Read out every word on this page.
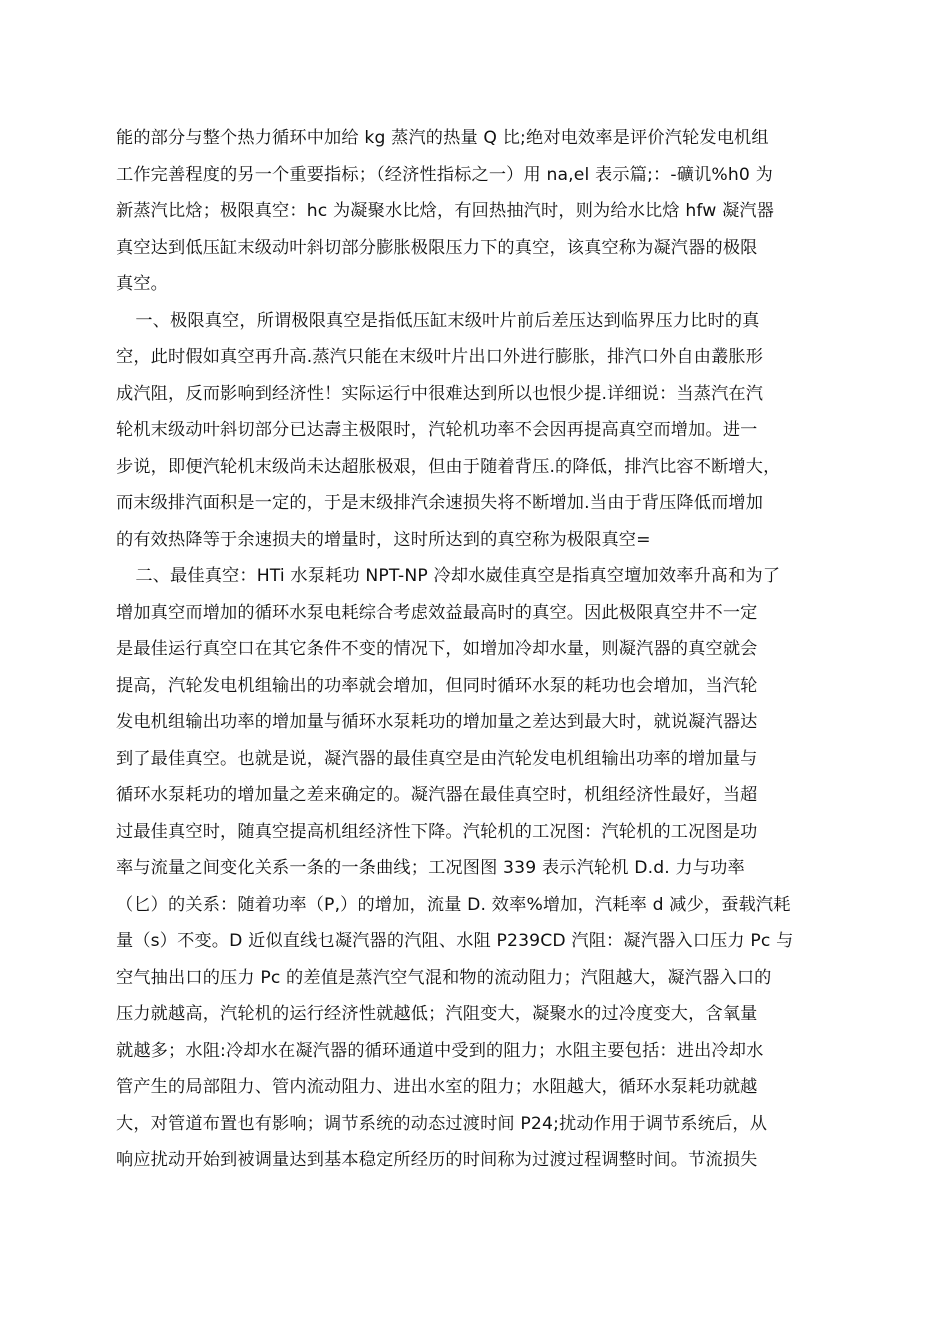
能的部分与整个热力循环中加给 kg 蒸汽的热量 Q 比;绝对电效率是评价汽轮发电机组
工作完善程度的另一个重要指标；（经济性指标之一）用 na,el 表示篇;：-礦讥%h0 为
新蒸汽比焓；极限真空：hc 为凝聚水比焓，有回热抽汽时，则为给水比焓 hfw 凝汽器
真空达到低压缸末级动叶斜切部分膨胀极限压力下的真空，该真空称为凝汽器的极限
真空。
　一、极限真空，所谓极限真空是指低压缸末级叶片前后差压达到临界压力比时的真
空，此时假如真空再升高.蒸汽只能在末级叶片出口外进行膨胀，排汽口外自由叢胀形
成汽阻，反而影响到经济性！实际运行中很难达到所以也恨少提.详细说：当蒸汽在汽
轮机末级动叶斜切部分已达壽主极限时，汽轮机功率不会因再提高真空而增加。进一
步说，即便汽轮机末级尚未达超胀极艰，但由于随着背压.的降低，排汽比容不断增大，
而末级排汽面积是一定的，于是末级排汽余速损失将不断增加.当由于背压降低而增加
的有效热降等于余速损夫的增量时，这时所达到的真空称为极限真空=
　二、最佳真空：HTi 水泵耗功 NPT-NP 冷却水崴佳真空是指真空壇加效率升髙和为了
增加真空而增加的循环水泵电耗综合考虑效益最高时的真空。因此极限真空井不一定
是最佳运行真空口在其它条件不变的情况下，如增加冷却水量，则凝汽器的真空就会
提高，汽轮发电机组输出的功率就会增加，但同时循环水泵的耗功也会增加，当汽轮
发电机组输出功率的增加量与循环水泵耗功的增加量之差达到最大时，就说凝汽器达
到了最佳真空。也就是说，凝汽器的最佳真空是由汽轮发电机组输出功率的增加量与
循环水泵耗功的增加量之差来确定的。凝汽器在最佳真空时，机组经济性最好，当超
过最佳真空时，随真空提高机组经济性下降。汽轮机的工况图：汽轮机的工况图是功
率与流量之间变化关系一条的一条曲线；工况图图 339 表示汽轮机 D.d. 力与功率
（匕）的关系：随着功率（P,）的增加，流量 D. 效率%增加，汽耗率 d 减少，蚕载汽耗
量（s）不变。D 近似直线乜凝汽器的汽阻、水阻 P239CD 汽阻：凝汽器入口压力 Pc 与
空气抽出口的压力 Pc 的差值是蒸汽空气混和物的流动阻力；汽阻越大，凝汽器入口的
压力就越高，汽轮机的运行经济性就越低；汽阻变大，凝聚水的过冷度变大，含氧量
就越多；水阻:冷却水在凝汽器的循环通道中受到的阻力；水阻主要包括：进出冷却水
管产生的局部阻力、管内流动阻力、进出水室的阻力；水阻越大，循环水泵耗功就越
大，对管道布置也有影响；调节系统的动态过渡时间 P24;扰动作用于调节系统后，从
响应扰动开始到被调量达到基本稳定所经历的时间称为过渡过程调整时间。节流损失
